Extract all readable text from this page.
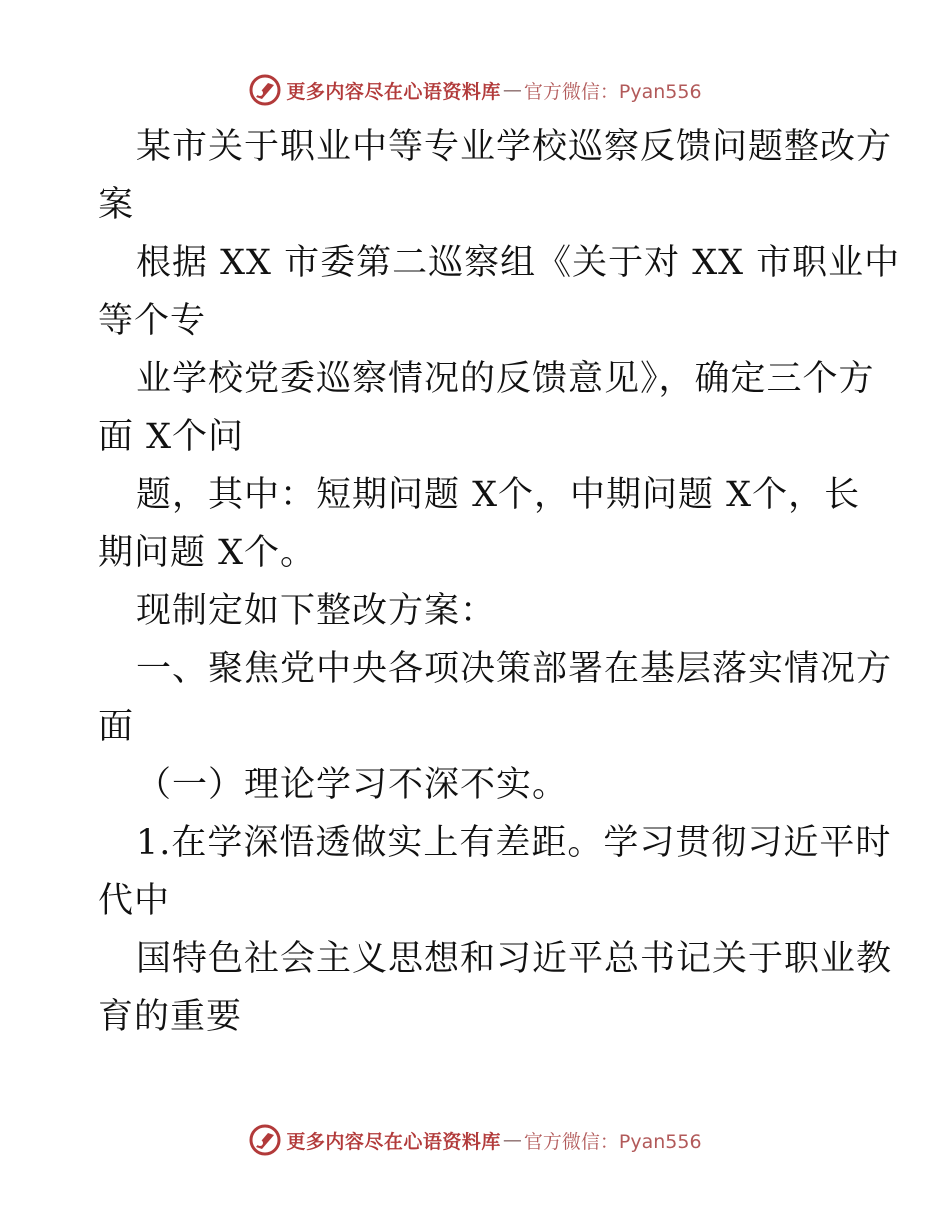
更多内容尽在心语资料库 — 官方微信：Pyan556
某市关于职业中等专业学校巡察反馈问题整改方
案
根据 XX 市委第二巡察组《关于对 XX 市职业中
等个专
业学校党委巡察情况的反馈意见》，确定三个方
面 X个问
题，其中：短期问题 X个，中期问题 X个，长
期问题 X个。
现制定如下整改方案：
一、聚焦党中央各项决策部署在基层落实情况方
面
（一）理论学习不深不实。
1.在学深悟透做实上有差距。学习贯彻习近平时
代中
国特色社会主义思想和习近平总书记关于职业教
育的重要
更多内容尽在心语资料库 — 官方微信：Pyan556
